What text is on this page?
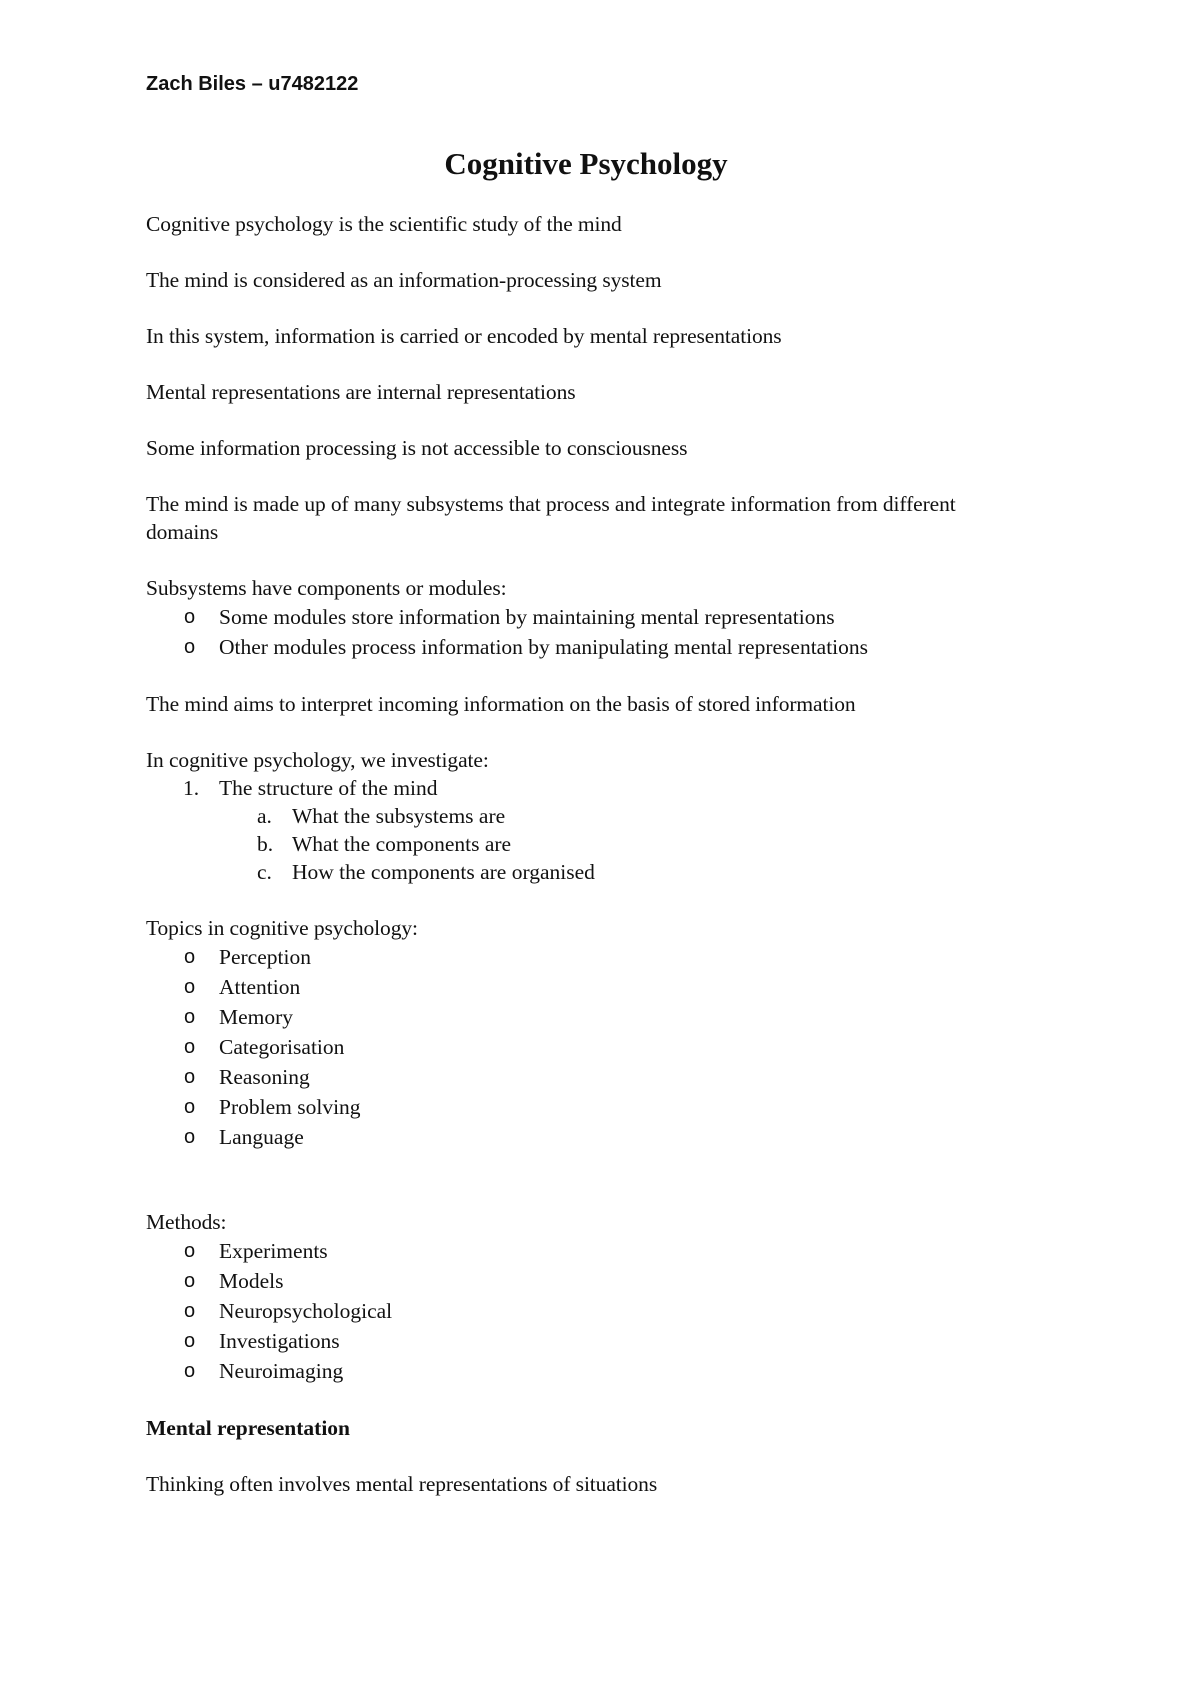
Zach Biles – u7482122

Cognitive Psychology

Cognitive psychology is the scientific study of the mind

The mind is considered as an information-processing system

In this system, information is carried or encoded by mental representations

Mental representations are internal representations

Some information processing is not accessible to consciousness

The mind is made up of many subsystems that process and integrate information from different domains

Subsystems have components or modules:

o Some modules store information by maintaining mental representations
o Other modules process information by manipulating mental representations

The mind aims to interpret incoming information on the basis of stored information

In cognitive psychology, we investigate:

1. The structure of the mind
a. What the subsystems are
b. What the components are
c. How the components are organised

Topics in cognitive psychology:

o Perception
o Attention
o Memory
o Categorisation
o Reasoning
o Problem solving
o Language

Methods:

o Experiments
o Models
o Neuropsychological
o Investigations
o Neuroimaging

Mental representation

Thinking often involves mental representations of situations
